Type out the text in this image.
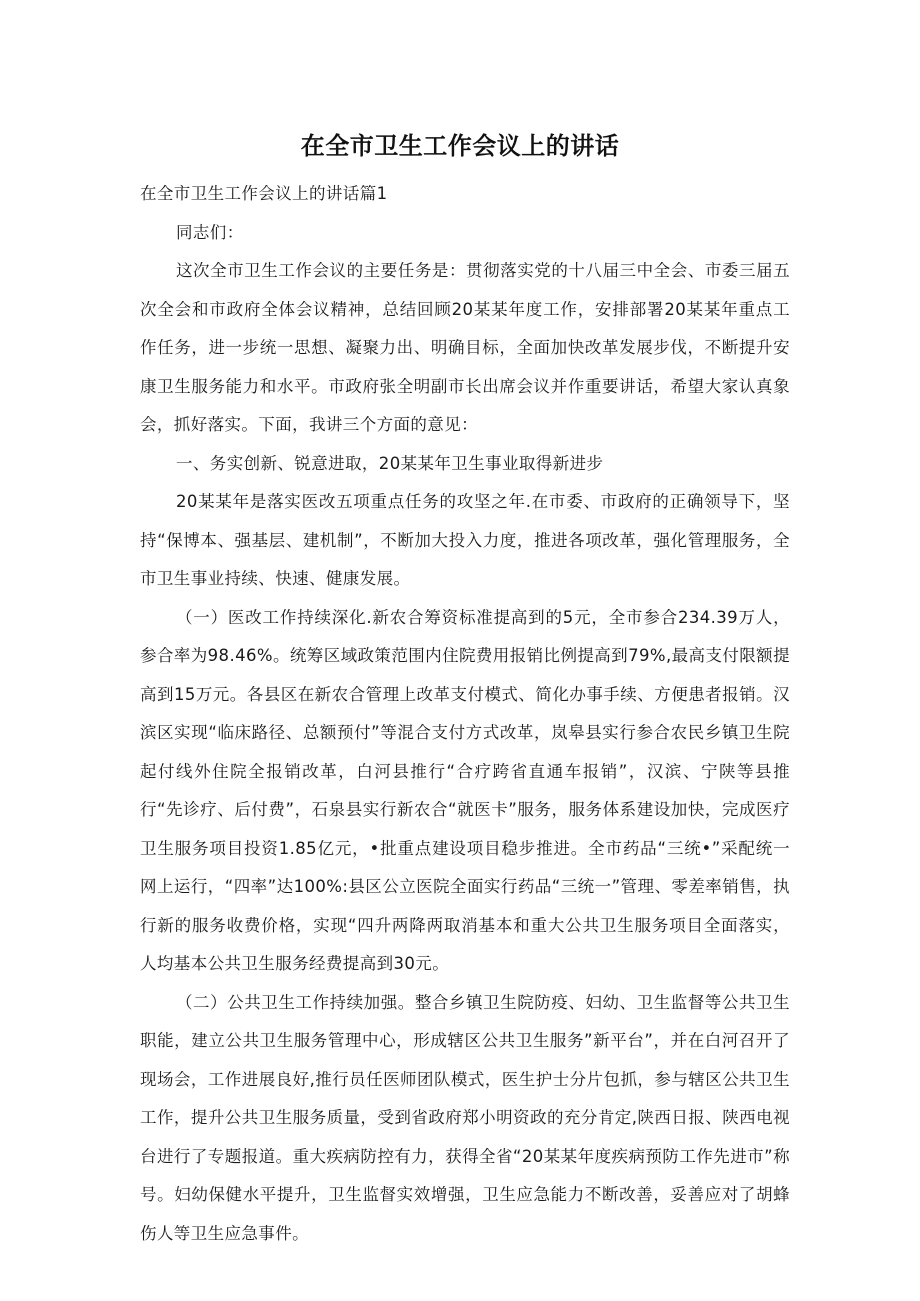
在全市卫生工作会议上的讲话

在全市卫生工作会议上的讲话篇1

同志们：

这次全市卫生工作会议的主要任务是：贯彻落实党的十八届三中全会、市委三届五次全会和市政府全体会议精神，总结回顾20某某年度工作，安排部署20某某年重点工作任务，进一步统一思想、凝聚力出、明确目标，全面加快改革发展步伐，不断提升安康卫生服务能力和水平。市政府张全明副市长出席会议并作重要讲话，希望大家认真象会，抓好落实。下面，我讲三个方面的意见：

一、务实创新、锐意进取，20某某年卫生事业取得新进步

20某某年是落实医改五项重点任务的攻坚之年.在市委、市政府的正确领导下，坚持“保博本、强基层、建机制”，不断加大投入力度，推进各项改革，强化管理服务，全市卫生事业持续、快速、健康发展。

（一）医改工作持续深化.新农合筹资标准提高到的5元，全市参合234.39万人，参合率为98.46%。统筹区域政策范围内住院费用报销比例提高到79%,最高支付限额提高到15万元。各县区在新农合管理上改革支付模式、简化办事手续、方便患者报销。汉滨区实现“临床路径、总额预付”等混合支付方式改革，岚皋县实行参合农民乡镇卫生院起付线外住院全报销改革，白河县推行“合疗跨省直通车报销”，汉滨、宁陕等县推行“先诊疗、后付费”，石泉县实行新农合“就医卡”服务，服务体系建设加快，完成医疗卫生服务项目投资1.85亿元，•批重点建设项目稳步推进。全市药品“三统•”采配统一网上运行，“四率”达100%:县区公立医院全面实行药品“三统一”管理、零差率销售，执行新的服务收费价格，实现“四升两降两取消基本和重大公共卫生服务项目全面落实，人均基本公共卫生服务经费提高到30元。

（二）公共卫生工作持续加强。整合乡镇卫生院防疫、妇幼、卫生监督等公共卫生职能，建立公共卫生服务管理中心，形成辖区公共卫生服务”新平台”，并在白河召开了现场会，工作进展良好,推行员任医师团队模式，医生护士分片包抓，参与辖区公共卫生工作，提升公共卫生服务质量，受到省政府郑小明资政的充分肯定,陕西日报、陕西电视台进行了专题报道。重大疾病防控有力，获得全省“20某某年度疾病预防工作先进市”称号。妇幼保健水平提升，卫生监督实效增强，卫生应急能力不断改善，妥善应对了胡蜂伤人等卫生应急事件。
